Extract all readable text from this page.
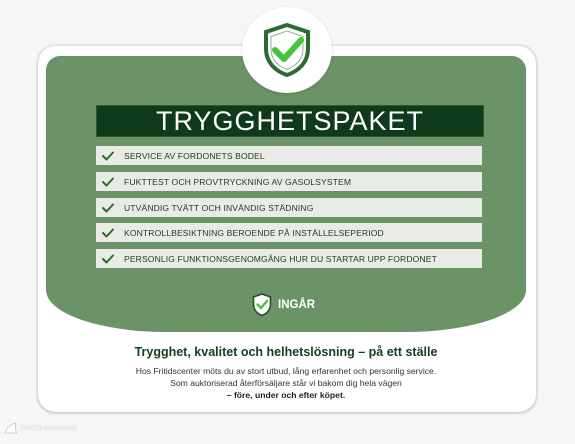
TRYGGHETSPAKET
SERVICE AV FORDONETS BODEL
FUKTTEST OCH PROVTRYCKNING AV GASOLSYSTEM
UTVÄNDIG TVÄTT OCH INVÄNDIG STÄDNING
KONTROLLBESIKTNING BEROENDE PÅ INSTÄLLELSEPERIOD
PERSONLIG FUNKTIONSGENOMGÅNG HUR DU STARTAR UPP FORDONET
INGÅR
Trygghet, kvalitet och helhetslösning – på ett ställe
Hos Fritidscenter möts du av stort utbud, lång erfarenhet och personlig service.
Som auktoriserad återförsäljare står vi bakom dig hela vägen
– före, under och efter köpet.
FRITIDSCENTER
